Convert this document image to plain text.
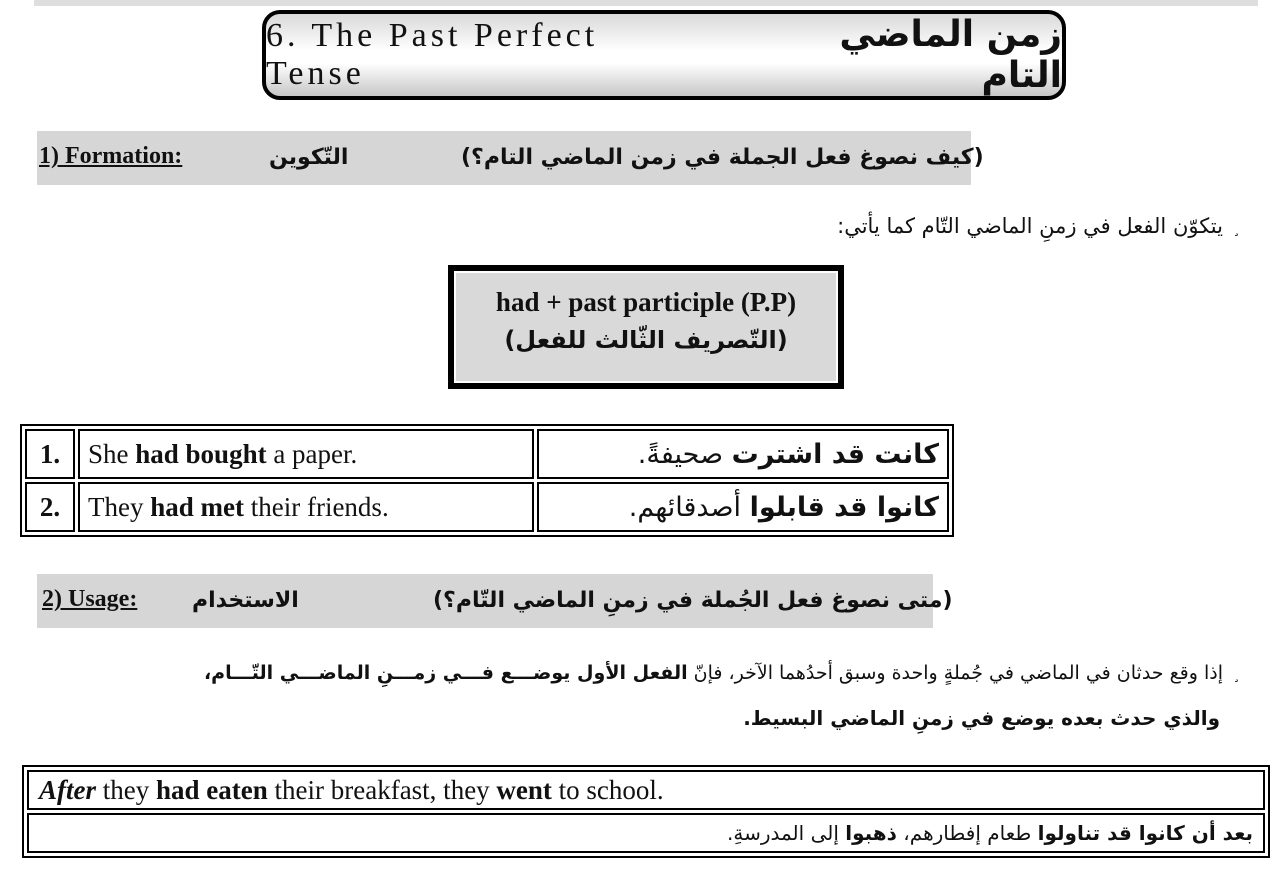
6. The Past Perfect Tense
زمن الماضي التام
1) Formation:	التّكوين	(كيف نصوغ فعل الجملة في زمن الماضي التام؟)
¸يتكوّن الفعل في زمنِ الماضي التّام كما يأتي:
had + past participle (P.P)
(التّصريف الثّالث للفعل)
1.	She had bought a paper.	كانت قد اشترت صحيفةً.
2.	They had met their friends.	كانوا قد قابلوا أصدقائهم.
2) Usage: الاستخدام	(متى نصوغ فعل الجُملة في زمنِ الماضي التّام؟)
¸إذا وقع حدثان في الماضي في جُملةٍ واحدة وسبق أحدُهما الآخر، فإنّ الفعل الأول يوضـــع فـــي زمـــنِ الماضـــي التّـــام،
والذي حدث بعده يوضع في زمنِ الماضي البسيط.
After they had eaten their breakfast, they went to school.
بعد أن كانوا قد تناولوا طعام إفطارهم، ذهبوا إلى المدرسةِ.
